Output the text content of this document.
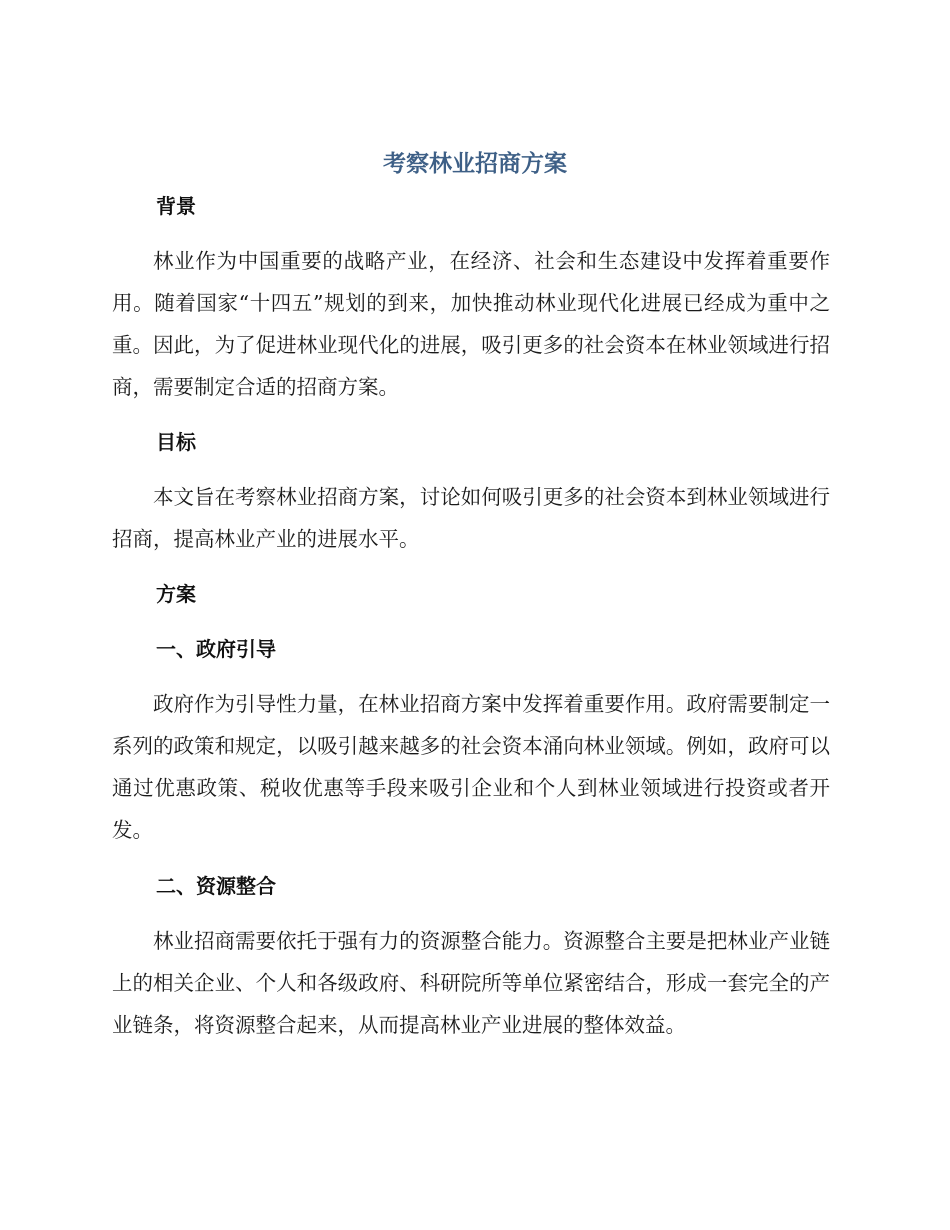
考察林业招商方案
背景
林业作为中国重要的战略产业，在经济、社会和生态建设中发挥着重要作用。随着国家“十四五”规划的到来，加快推动林业现代化进展已经成为重中之重。因此，为了促进林业现代化的进展，吸引更多的社会资本在林业领域进行招商，需要制定合适的招商方案。
目标
本文旨在考察林业招商方案，讨论如何吸引更多的社会资本到林业领域进行招商，提高林业产业的进展水平。
方案
一、政府引导
政府作为引导性力量，在林业招商方案中发挥着重要作用。政府需要制定一系列的政策和规定，以吸引越来越多的社会资本涌向林业领域。例如，政府可以通过优惠政策、税收优惠等手段来吸引企业和个人到林业领域进行投资或者开发。
二、资源整合
林业招商需要依托于强有力的资源整合能力。资源整合主要是把林业产业链上的相关企业、个人和各级政府、科研院所等单位紧密结合，形成一套完全的产业链条，将资源整合起来，从而提高林业产业进展的整体效益。
